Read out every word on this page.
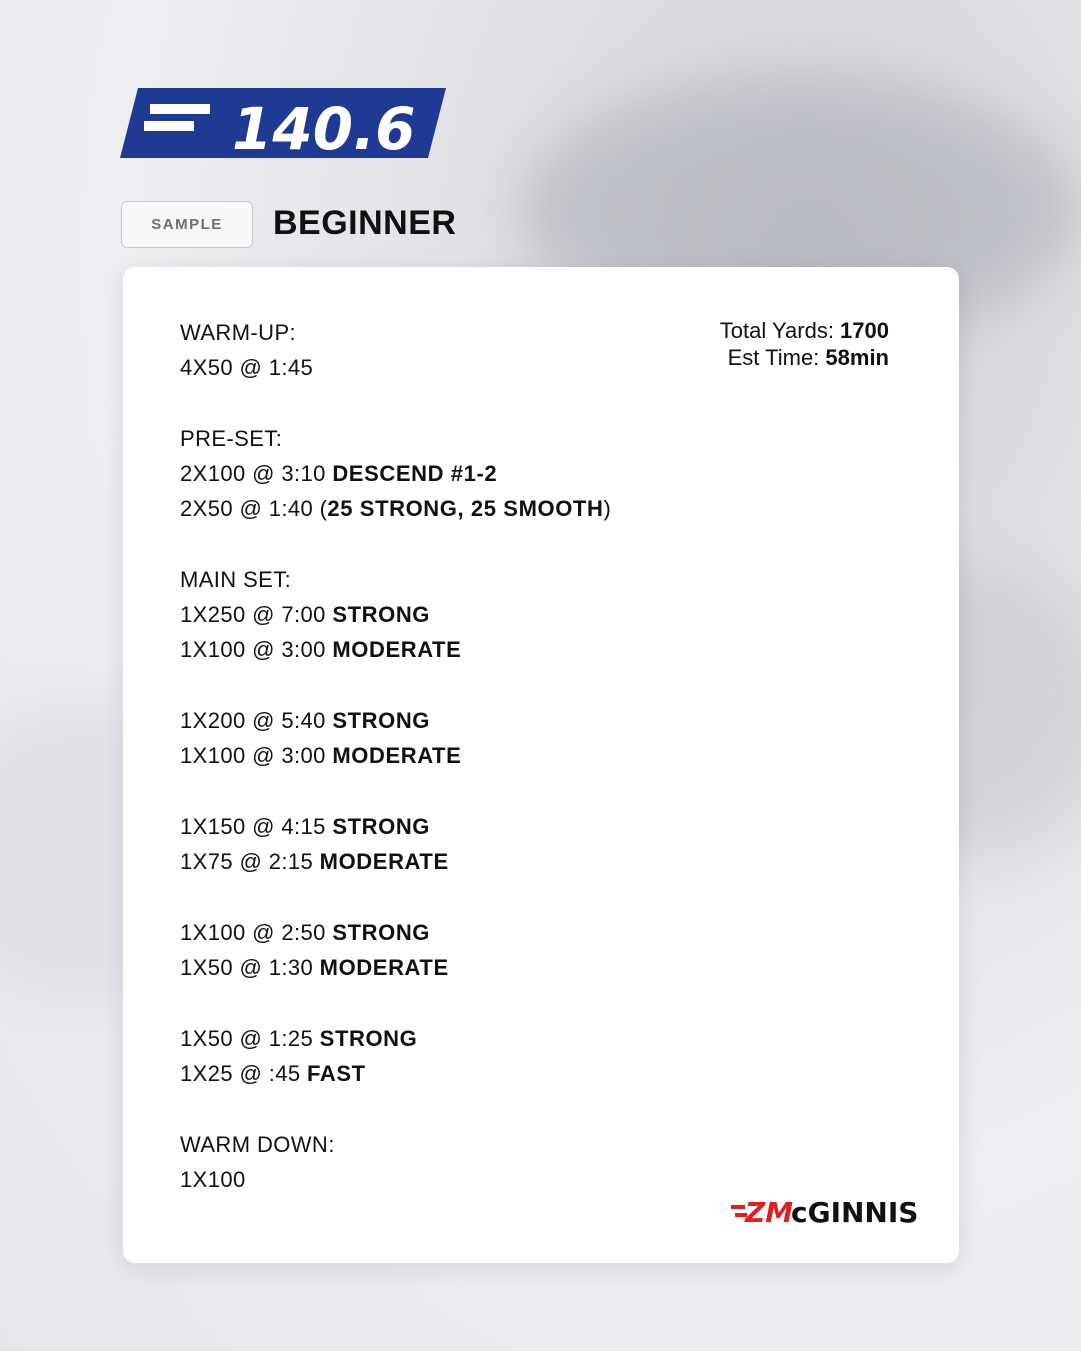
140.6
SAMPLE	BEGINNER
Total Yards: 1700
Est Time: 58min
WARM-UP:
4X50 @ 1:45
PRE-SET:
2X100 @ 3:10 DESCEND #1-2
2X50 @ 1:40 (25 STRONG, 25 SMOOTH)
MAIN SET:
1X250 @ 7:00 STRONG
1X100 @ 3:00 MODERATE
1X200 @ 5:40 STRONG
1X100 @ 3:00 MODERATE
1X150 @ 4:15 STRONG
1X75 @ 2:15 MODERATE
1X100 @ 2:50 STRONG
1X50 @ 1:30 MODERATE
1X50 @ 1:25 STRONG
1X25 @ :45 FAST
WARM DOWN:
1X100
ZM
cGINNIS
